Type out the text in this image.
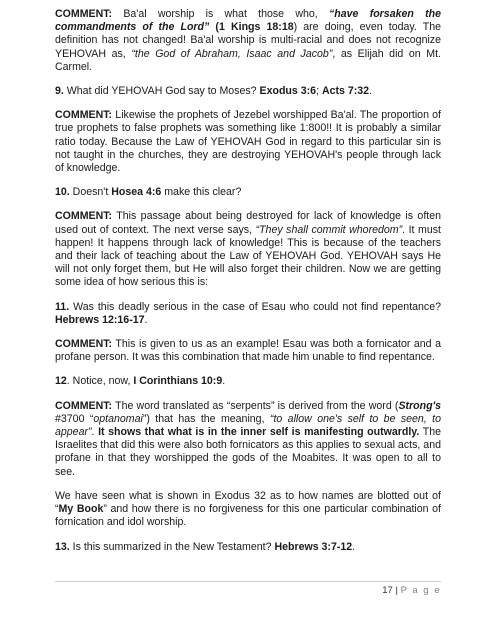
COMMENT: Ba'al worship is what those who, “have forsaken the commandments of the Lord” (1 Kings 18:18) are doing, even today. The definition has not changed! Ba'al worship is multi-racial and does not recognize YEHOVAH as, “the God of Abraham, Isaac and Jacob”, as Elijah did on Mt. Carmel.

9. What did YEHOVAH God say to Moses? Exodus 3:6; Acts 7:32.

COMMENT: Likewise the prophets of Jezebel worshipped Ba'al. The proportion of true prophets to false prophets was something like 1:800!! It is probably a similar ratio today. Because the Law of YEHOVAH God in regard to this particular sin is not taught in the churches, they are destroying YEHOVAH's people through lack of knowledge.

10. Doesn't Hosea 4:6 make this clear?

COMMENT: This passage about being destroyed for lack of knowledge is often used out of context. The next verse says, “They shall commit whoredom”. It must happen! It happens through lack of knowledge! This is because of the teachers and their lack of teaching about the Law of YEHOVAH God. YEHOVAH says He will not only forget them, but He will also forget their children. Now we are getting some idea of how serious this is:

11. Was this deadly serious in the case of Esau who could not find repentance? Hebrews 12:16-17.

COMMENT: This is given to us as an example! Esau was both a fornicator and a profane person. It was this combination that made him unable to find repentance.

12. Notice, now, I Corinthians 10:9.

COMMENT: The word translated as “serpents” is derived from the word (Strong's #3700 “optanomai”) that has the meaning, “to allow one's self to be seen, to appear”. It shows that what is in the inner self is manifesting outwardly. The Israelites that did this were also both fornicators as this applies to sexual acts, and profane in that they worshipped the gods of the Moabites. It was open to all to see.

We have seen what is shown in Exodus 32 as to how names are blotted out of “My Book” and how there is no forgiveness for this one particular combination of fornication and idol worship.

13. Is this summarized in the New Testament? Hebrews 3:7-12.

17 | P a g e
